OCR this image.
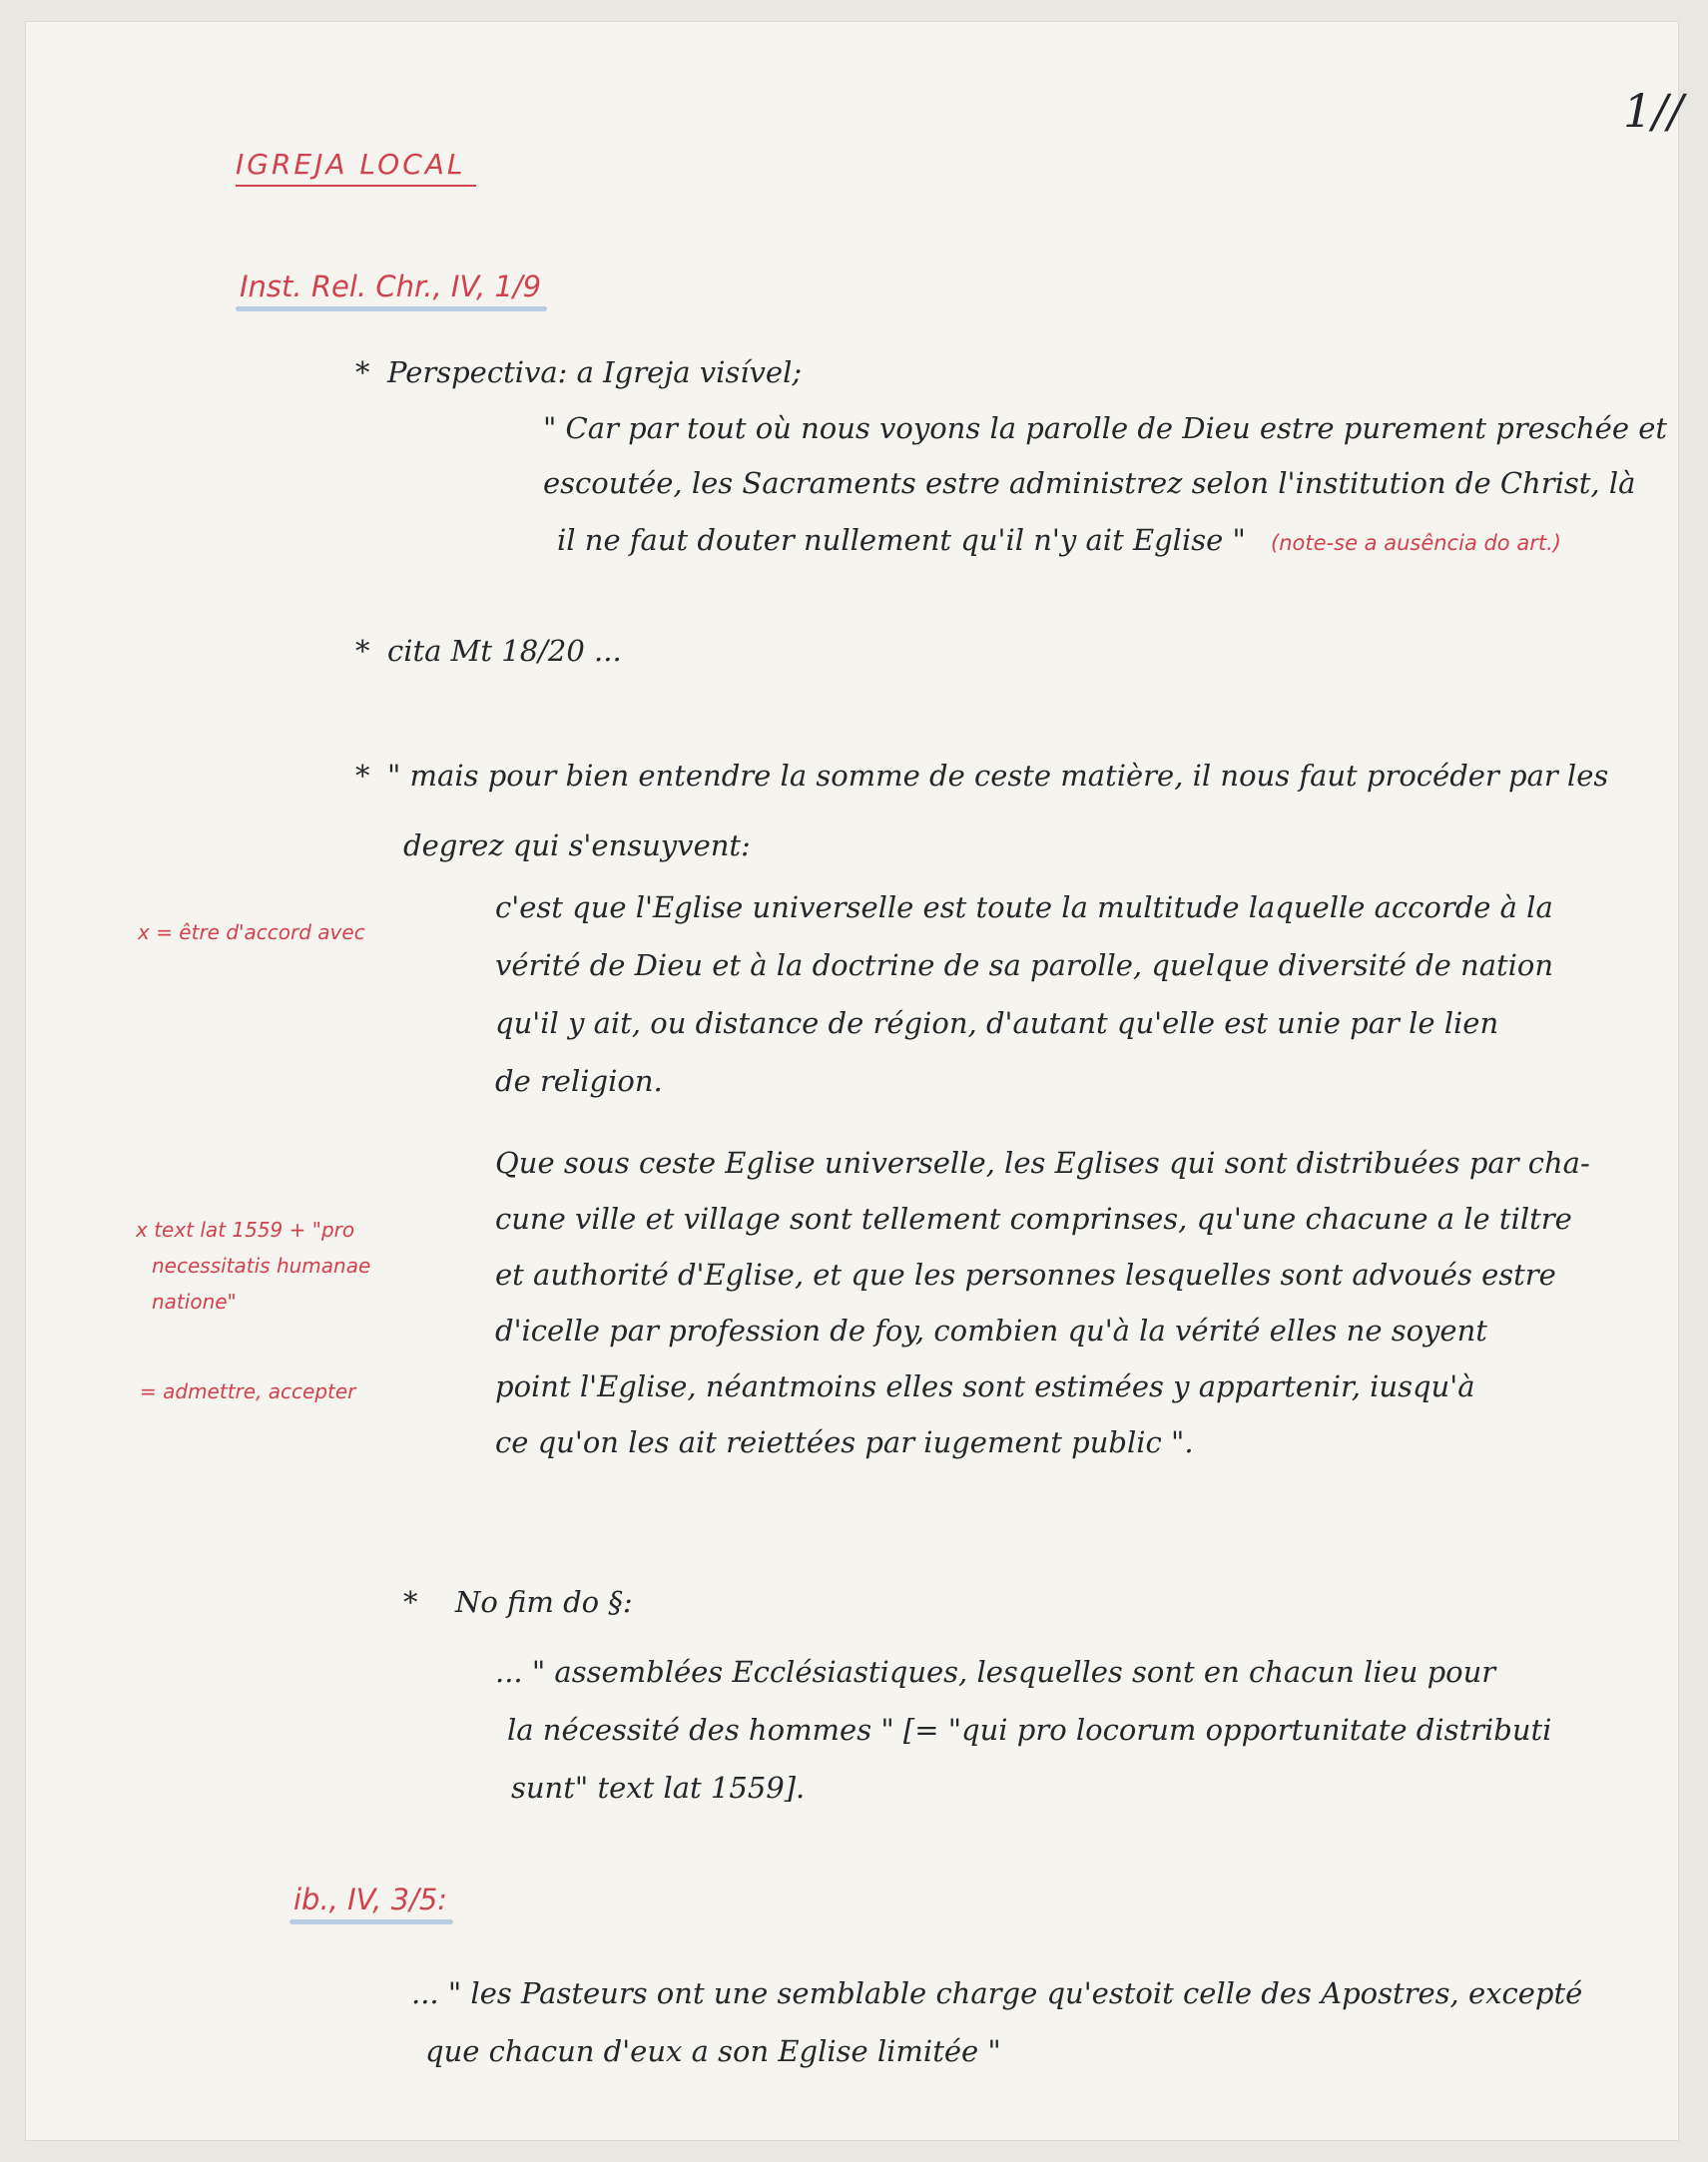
1//
IGREJA LOCAL
Inst. Rel. Chr., IV, 1/9
* Perspectiva: a Igreja visível;
" Car par tout où nous voyons la parolle de Dieu estre purement preschée et
escoutée, les Sacraments estre administrez selon l'institution de Christ, là
il ne faut douter nullement qu'il n'y ait Eglise " (note-se a ausência do art.)
* cita Mt 18/20 ...
* " mais pour bien entendre la somme de ceste matière, il nous faut procéder par les
degrez qui s'ensuyvent:
c'est que l'Eglise universelle est toute la multitude laquelle accorde à la
vérité de Dieu et à la doctrine de sa parolle, quelque diversité de nation
qu'il y ait, ou distance de région, d'autant qu'elle est unie par le lien
de religion.
Que sous ceste Eglise universelle, les Eglises qui sont distribuées par cha-
cune ville et village sont tellement comprinses, qu'une chacune a le tiltre
et authorité d'Eglise, et que les personnes lesquelles sont advoués estre
d'icelle par profession de foy, combien qu'à la vérité elles ne soyent
point l'Eglise, néantmoins elles sont estimées y appartenir, iusqu'à
ce qu'on les ait reiettées par iugement public ".
x = être d'accord avec
x text lat 1559 + "pro
necessitatis humanae
natione"
= admettre, accepter
* No fim do §:
... " assemblées Ecclésiastiques, lesquelles sont en chacun lieu pour
la nécessité des hommes " [= "qui pro locorum opportunitate distributi
sunt" text lat 1559].
ib., IV, 3/5:
... " les Pasteurs ont une semblable charge qu'estoit celle des Apostres, excepté
que chacun d'eux a son Eglise limitée "
